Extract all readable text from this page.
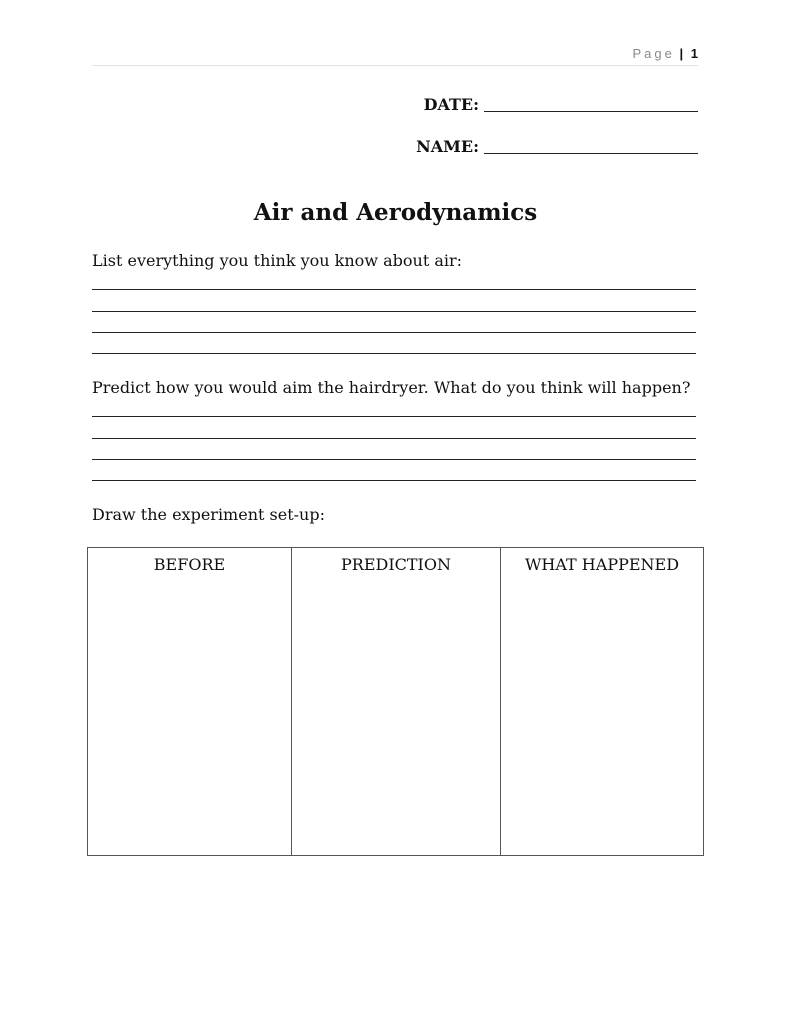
Page | 1
DATE:
NAME:
Air and Aerodynamics
List everything you think you know about air:
Predict how you would aim the hairdryer. What do you think will happen?
Draw the experiment set-up:
BEFORE	PREDICTION	WHAT HAPPENED
